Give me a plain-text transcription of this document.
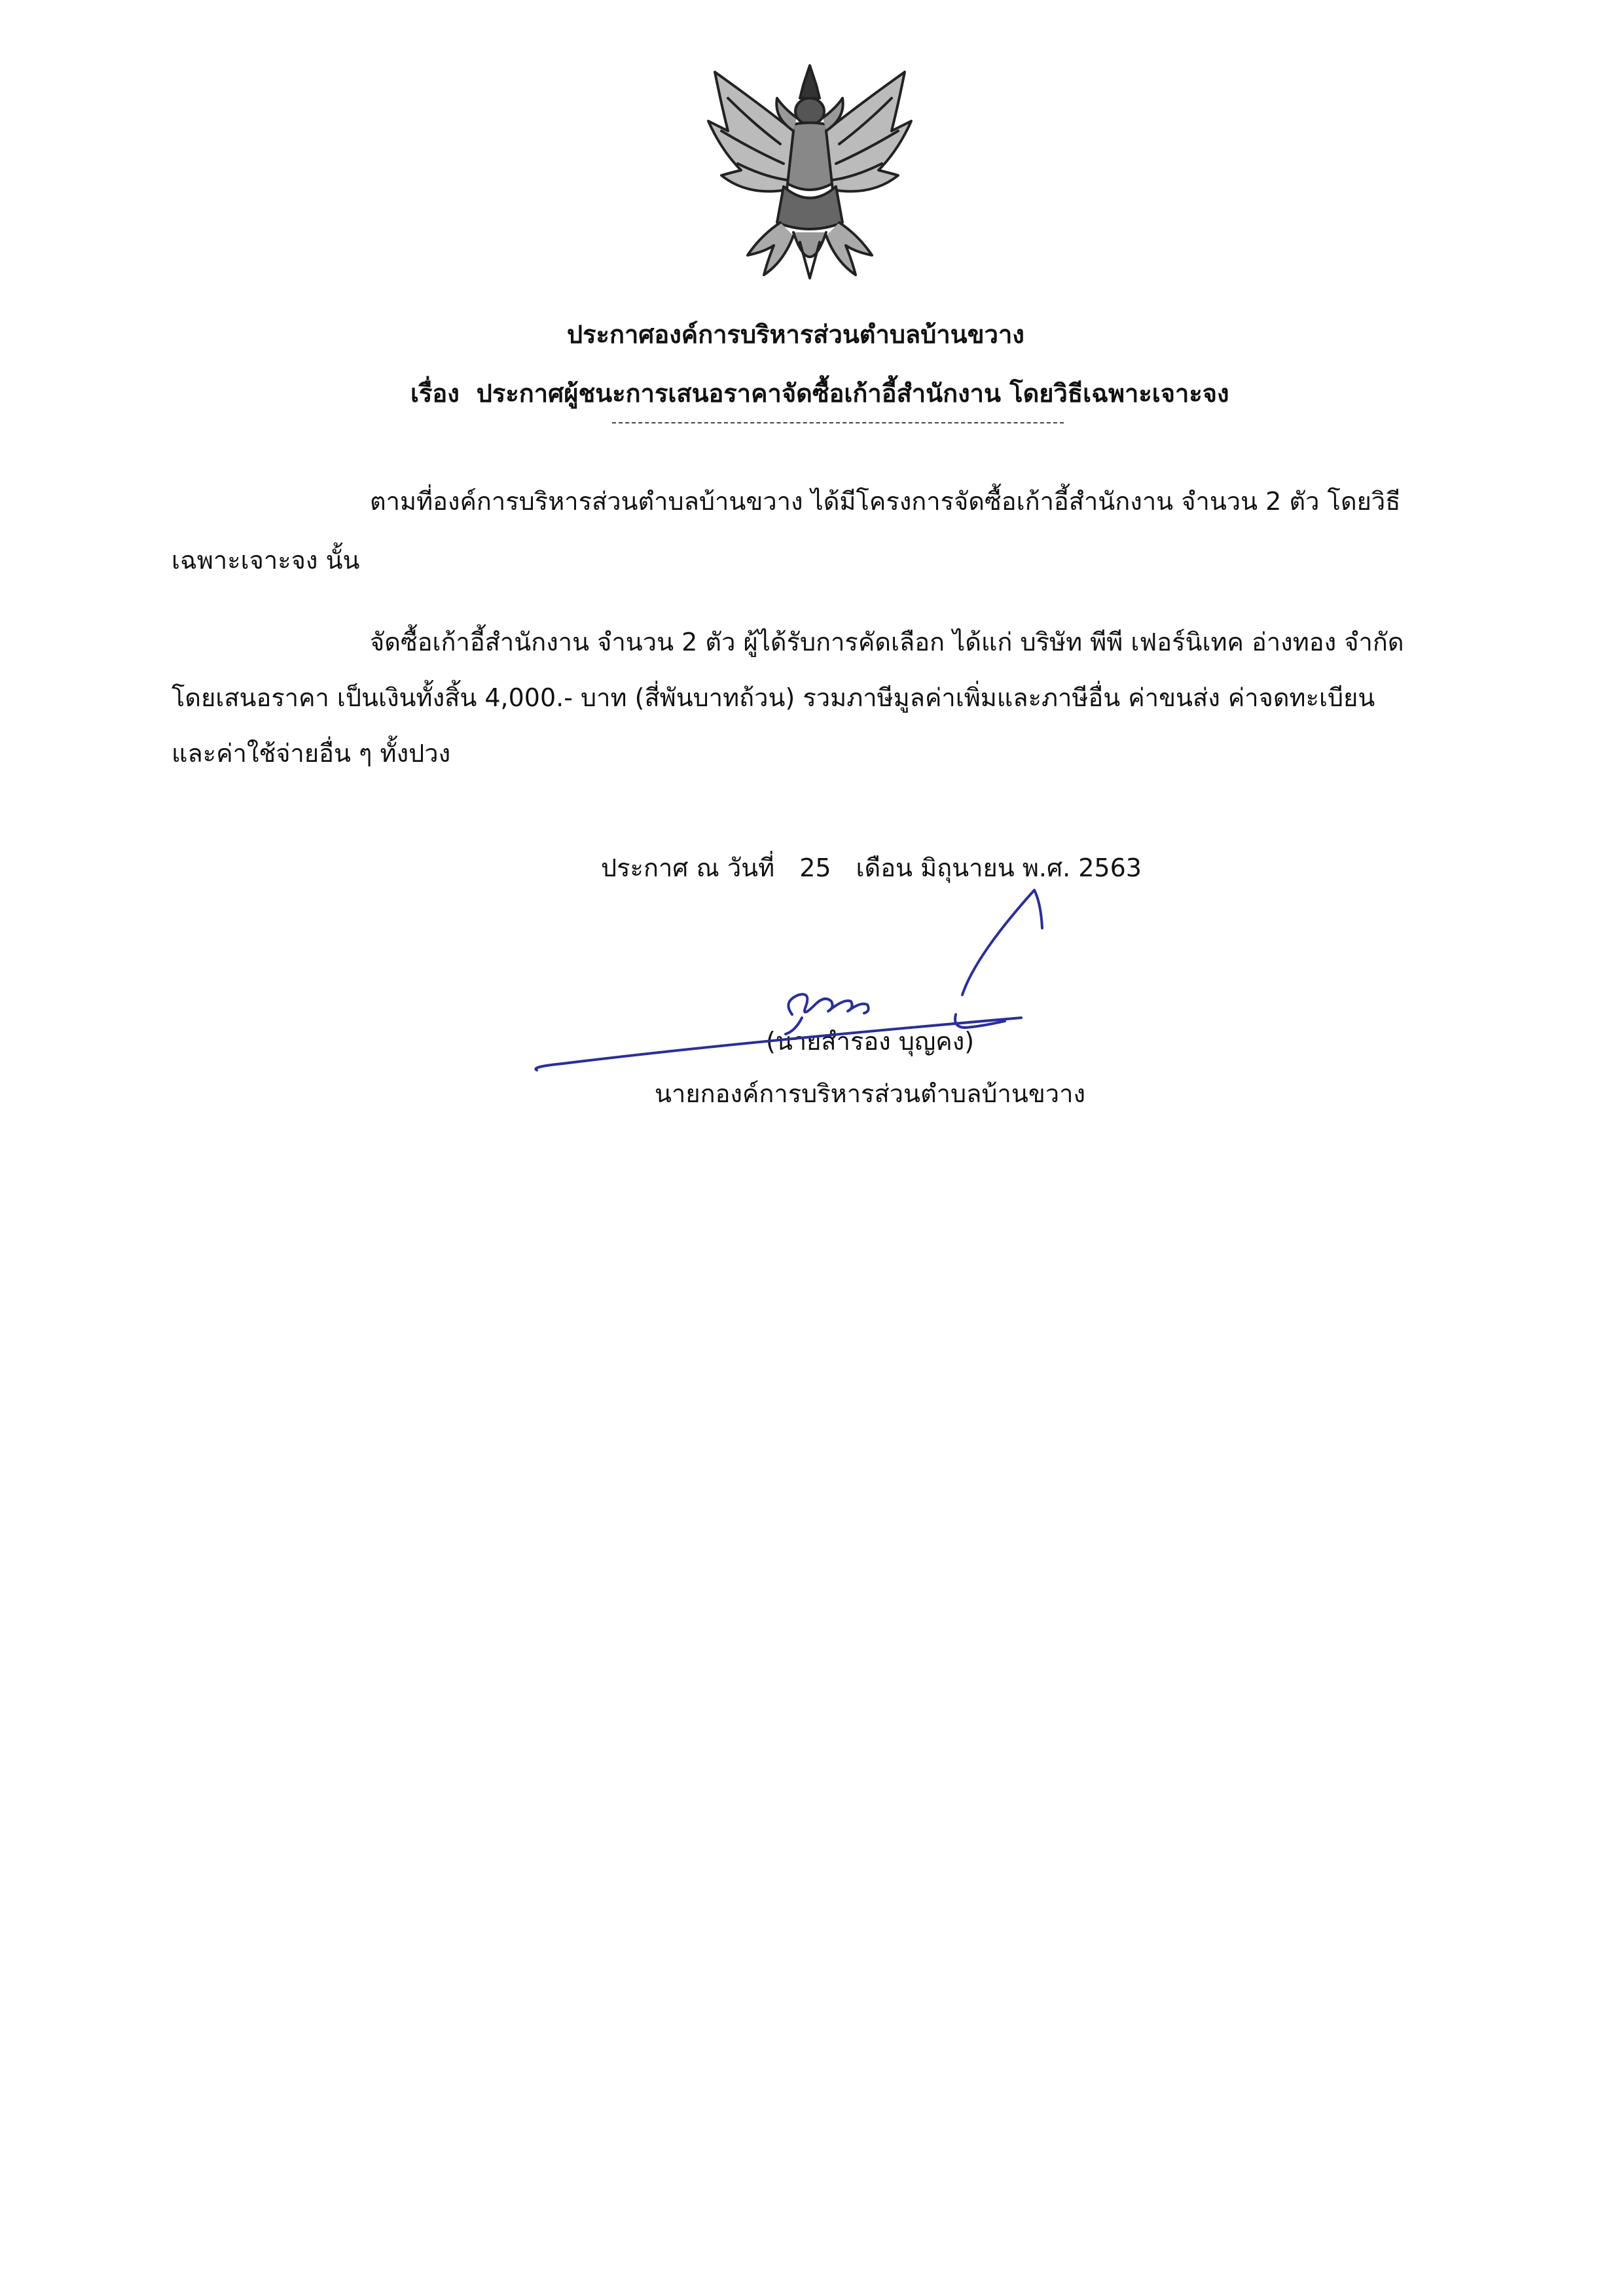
ประกาศองค์การบริหารส่วนตำบลบ้านขวาง
เรื่อง ประกาศผู้ชนะการเสนอราคาจัดซื้อเก้าอี้สำนักงาน โดยวิธีเฉพาะเจาะจง
ตามที่องค์การบริหารส่วนตำบลบ้านขวาง ได้มีโครงการจัดซื้อเก้าอี้สำนักงาน จำนวน 2 ตัว โดยวิธี
เฉพาะเจาะจง นั้น
จัดซื้อเก้าอี้สำนักงาน จำนวน 2 ตัว ผู้ได้รับการคัดเลือก ได้แก่ บริษัท พีพี เฟอร์นิเทค อ่างทอง จำกัด
โดยเสนอราคา เป็นเงินทั้งสิ้น 4,000.- บาท (สี่พันบาทถ้วน) รวมภาษีมูลค่าเพิ่มและภาษีอื่น ค่าขนส่ง ค่าจดทะเบียน
และค่าใช้จ่ายอื่น ๆ ทั้งปวง
ประกาศ ณ วันที่ 25 เดือน มิถุนายน พ.ศ. 2563
(นายสำรอง บุญคง)
นายกองค์การบริหารส่วนตำบลบ้านขวาง
